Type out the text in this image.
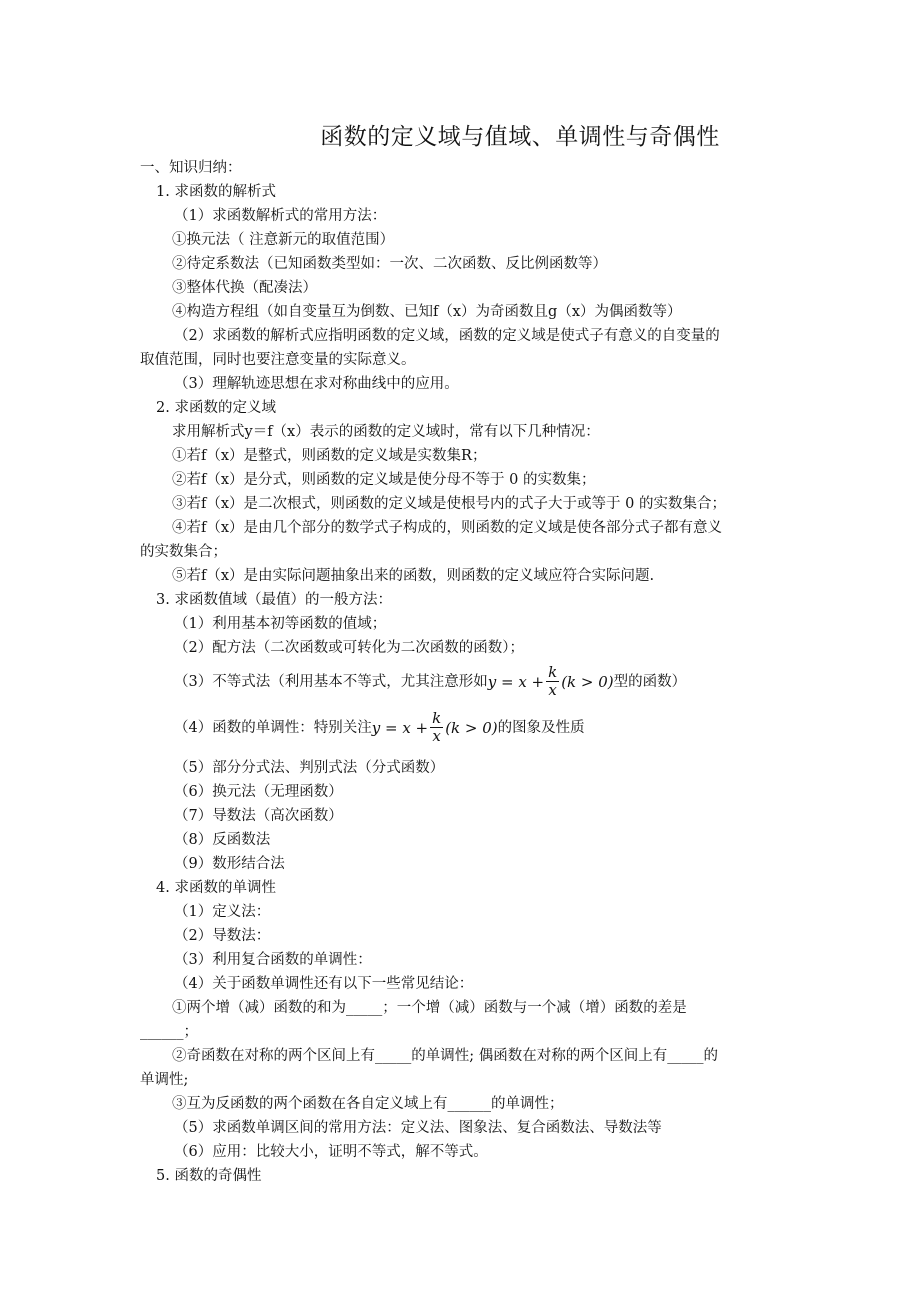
函数的定义域与值域、单调性与奇偶性
一、知识归纳：
1. 求函数的解析式
（1）求函数解析式的常用方法：
①换元法（ 注意新元的取值范围）
②待定系数法（已知函数类型如：一次、二次函数、反比例函数等）
③整体代换（配凑法）
④构造方程组（如自变量互为倒数、已知f（x）为奇函数且g（x）为偶函数等）
（2）求函数的解析式应指明函数的定义域，函数的定义域是使式子有意义的自变量的
取值范围，同时也要注意变量的实际意义。
（3）理解轨迹思想在求对称曲线中的应用。
2. 求函数的定义域
求用解析式y＝f（x）表示的函数的定义域时，常有以下几种情况：
①若f（x）是整式，则函数的定义域是实数集R；
②若f（x）是分式，则函数的定义域是使分母不等于 0 的实数集；
③若f（x）是二次根式，则函数的定义域是使根号内的式子大于或等于 0 的实数集合；
④若f（x）是由几个部分的数学式子构成的，则函数的定义域是使各部分式子都有意义
的实数集合；
⑤若f（x）是由实际问题抽象出来的函数，则函数的定义域应符合实际问题.
3. 求函数值域（最值）的一般方法：
（1）利用基本初等函数的值域；
（2）配方法（二次函数或可转化为二次函数的函数）；
（3）不等式法（利用基本不等式，尤其注意形如 $y = x + \frac{k}{x} (k > 0)$ 型的函数）
（4）函数的单调性：特别关注 $y = x + \frac{k}{x} (k > 0)$ 的图象及性质
（5）部分分式法、判别式法（分式函数）
（6）换元法（无理函数）
（7）导数法（高次函数）
（8）反函数法
（9）数形结合法
4. 求函数的单调性
（1）定义法：
（2）导数法：
（3）利用复合函数的单调性：
（4）关于函数单调性还有以下一些常见结论：
①两个增（减）函数的和为_____；一个增（减）函数与一个减（增）函数的差是
______；
②奇函数在对称的两个区间上有_____的单调性; 偶函数在对称的两个区间上有_____的
单调性;
③互为反函数的两个函数在各自定义域上有______的单调性；
（5）求函数单调区间的常用方法：定义法、图象法、复合函数法、导数法等
（6）应用：比较大小，证明不等式，解不等式。
5. 函数的奇偶性
